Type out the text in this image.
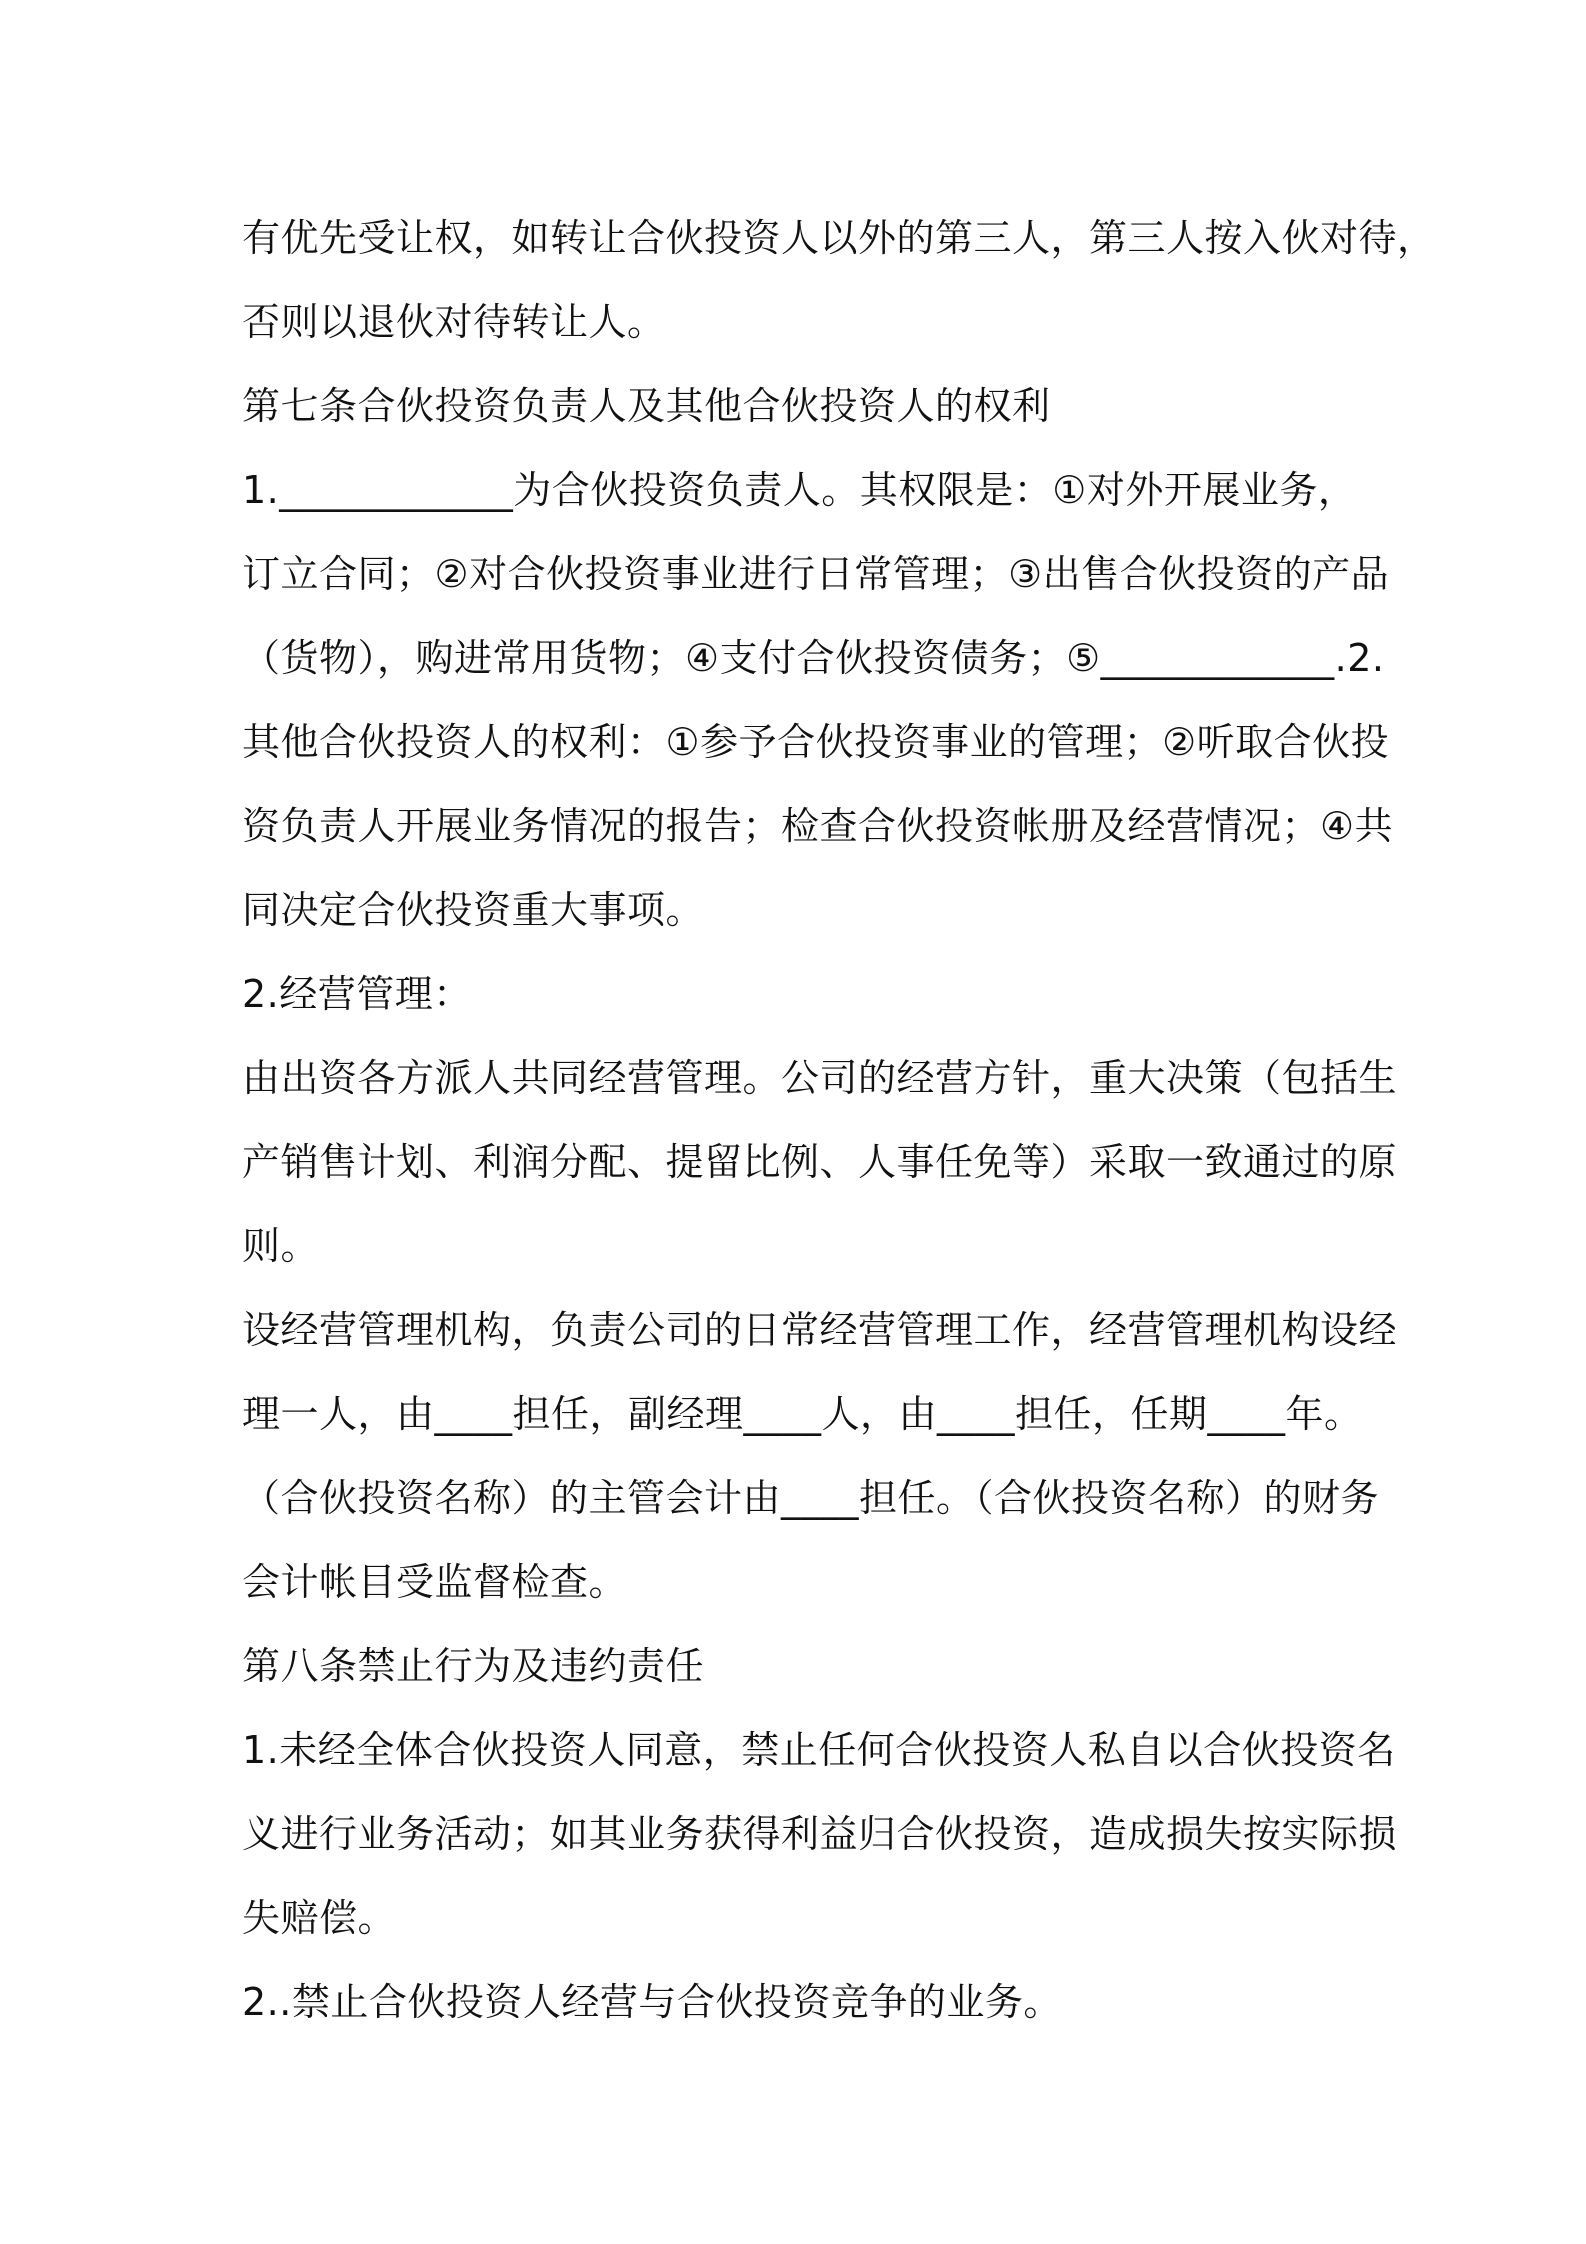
有优先受让权，如转让合伙投资人以外的第三人，第三人按入伙对待，
否则以退伙对待转让人。
第七条合伙投资负责人及其他合伙投资人的权利
1.____________为合伙投资负责人。其权限是：①对外开展业务，
订立合同；②对合伙投资事业进行日常管理；③出售合伙投资的产品
（货物），购进常用货物；④支付合伙投资债务；⑤____________.2.
其他合伙投资人的权利：①参予合伙投资事业的管理；②听取合伙投
资负责人开展业务情况的报告；检查合伙投资帐册及经营情况；④共
同决定合伙投资重大事项。
2.经营管理：
由出资各方派人共同经营管理。公司的经营方针，重大决策（包括生
产销售计划、利润分配、提留比例、人事任免等）采取一致通过的原
则。
设经营管理机构，负责公司的日常经营管理工作，经营管理机构设经
理一人，由____担任，副经理____人，由____担任，任期____年。
（合伙投资名称）的主管会计由____担任。（合伙投资名称）的财务
会计帐目受监督检查。
第八条禁止行为及违约责任
1.未经全体合伙投资人同意，禁止任何合伙投资人私自以合伙投资名
义进行业务活动；如其业务获得利益归合伙投资，造成损失按实际损
失赔偿。
2..禁止合伙投资人经营与合伙投资竞争的业务。
